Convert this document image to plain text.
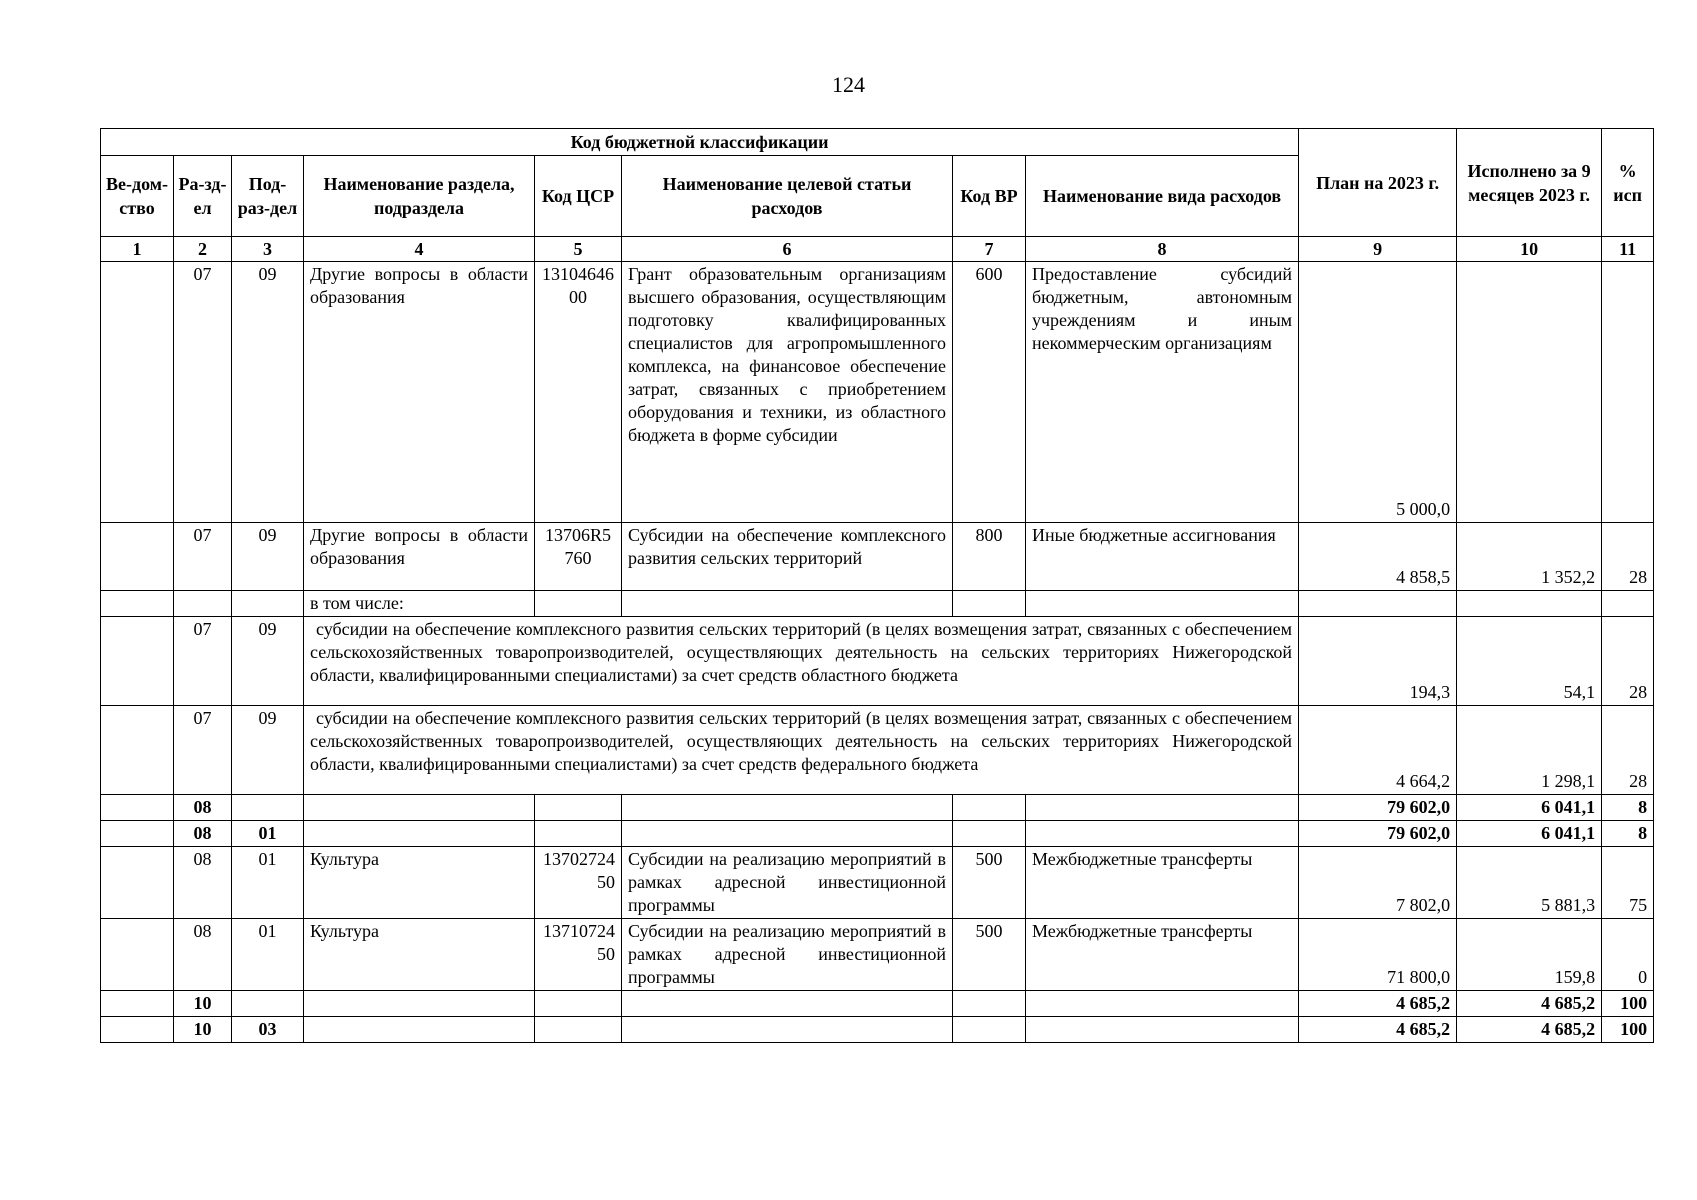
124
Код бюджетной классификации								План на 2023 г.	Исполнено за 9 месяцев 2023 г.	% исп
Ве-дом-ство	Ра-зд-ел	Под-раз-дел	Наименование раздела, подраздела	Код ЦСР	Наименование целевой статьи расходов	Код ВР	Наименование вида расходов			
1	2	3	4	5	6	7	8	9	10	11
	07	09	Другие вопросы в области образования	1310464600	Грант образовательным организациям высшего образования, осуществляющим подготовку квалифицированных специалистов для агропромышленного комплекса, на финансовое обеспечение затрат, связанных с приобретением оборудования и техники, из областного бюджета в форме субсидии	600	Предоставление субсидий бюджетным, автономным учреждениям и иным некоммерческим организациям	5 000,0		
	07	09	Другие вопросы в области образования	13706R5760	Субсидии на обеспечение комплексного развития сельских территорий	800	Иные бюджетные ассигнования	4 858,5	1 352,2	28
			в том числе:							
	07	09	субсидии на обеспечение комплексного развития сельских территорий (в целях возмещения затрат, связанных с обеспечением сельскохозяйственных товаропроизводителей, осуществляющих деятельность на сельских территориях Нижегородской области, квалифицированными специалистами) за счет средств областного бюджета					194,3	54,1	28
	07	09	субсидии на обеспечение комплексного развития сельских территорий (в целях возмещения затрат, связанных с обеспечением сельскохозяйственных товаропроизводителей, осуществляющих деятельность на сельских территориях Нижегородской области, квалифицированными специалистами) за счет средств федерального бюджета					4 664,2	1 298,1	28
	08							79 602,0	6 041,1	8
	08	01						79 602,0	6 041,1	8
	08	01	Культура	1370272450	Субсидии на реализацию мероприятий в рамках адресной инвестиционной программы	500	Межбюджетные трансферты	7 802,0	5 881,3	75
	08	01	Культура	1371072450	Субсидии на реализацию мероприятий в рамках адресной инвестиционной программы	500	Межбюджетные трансферты	71 800,0	159,8	0
	10							4 685,2	4 685,2	100
	10	03						4 685,2	4 685,2	100
